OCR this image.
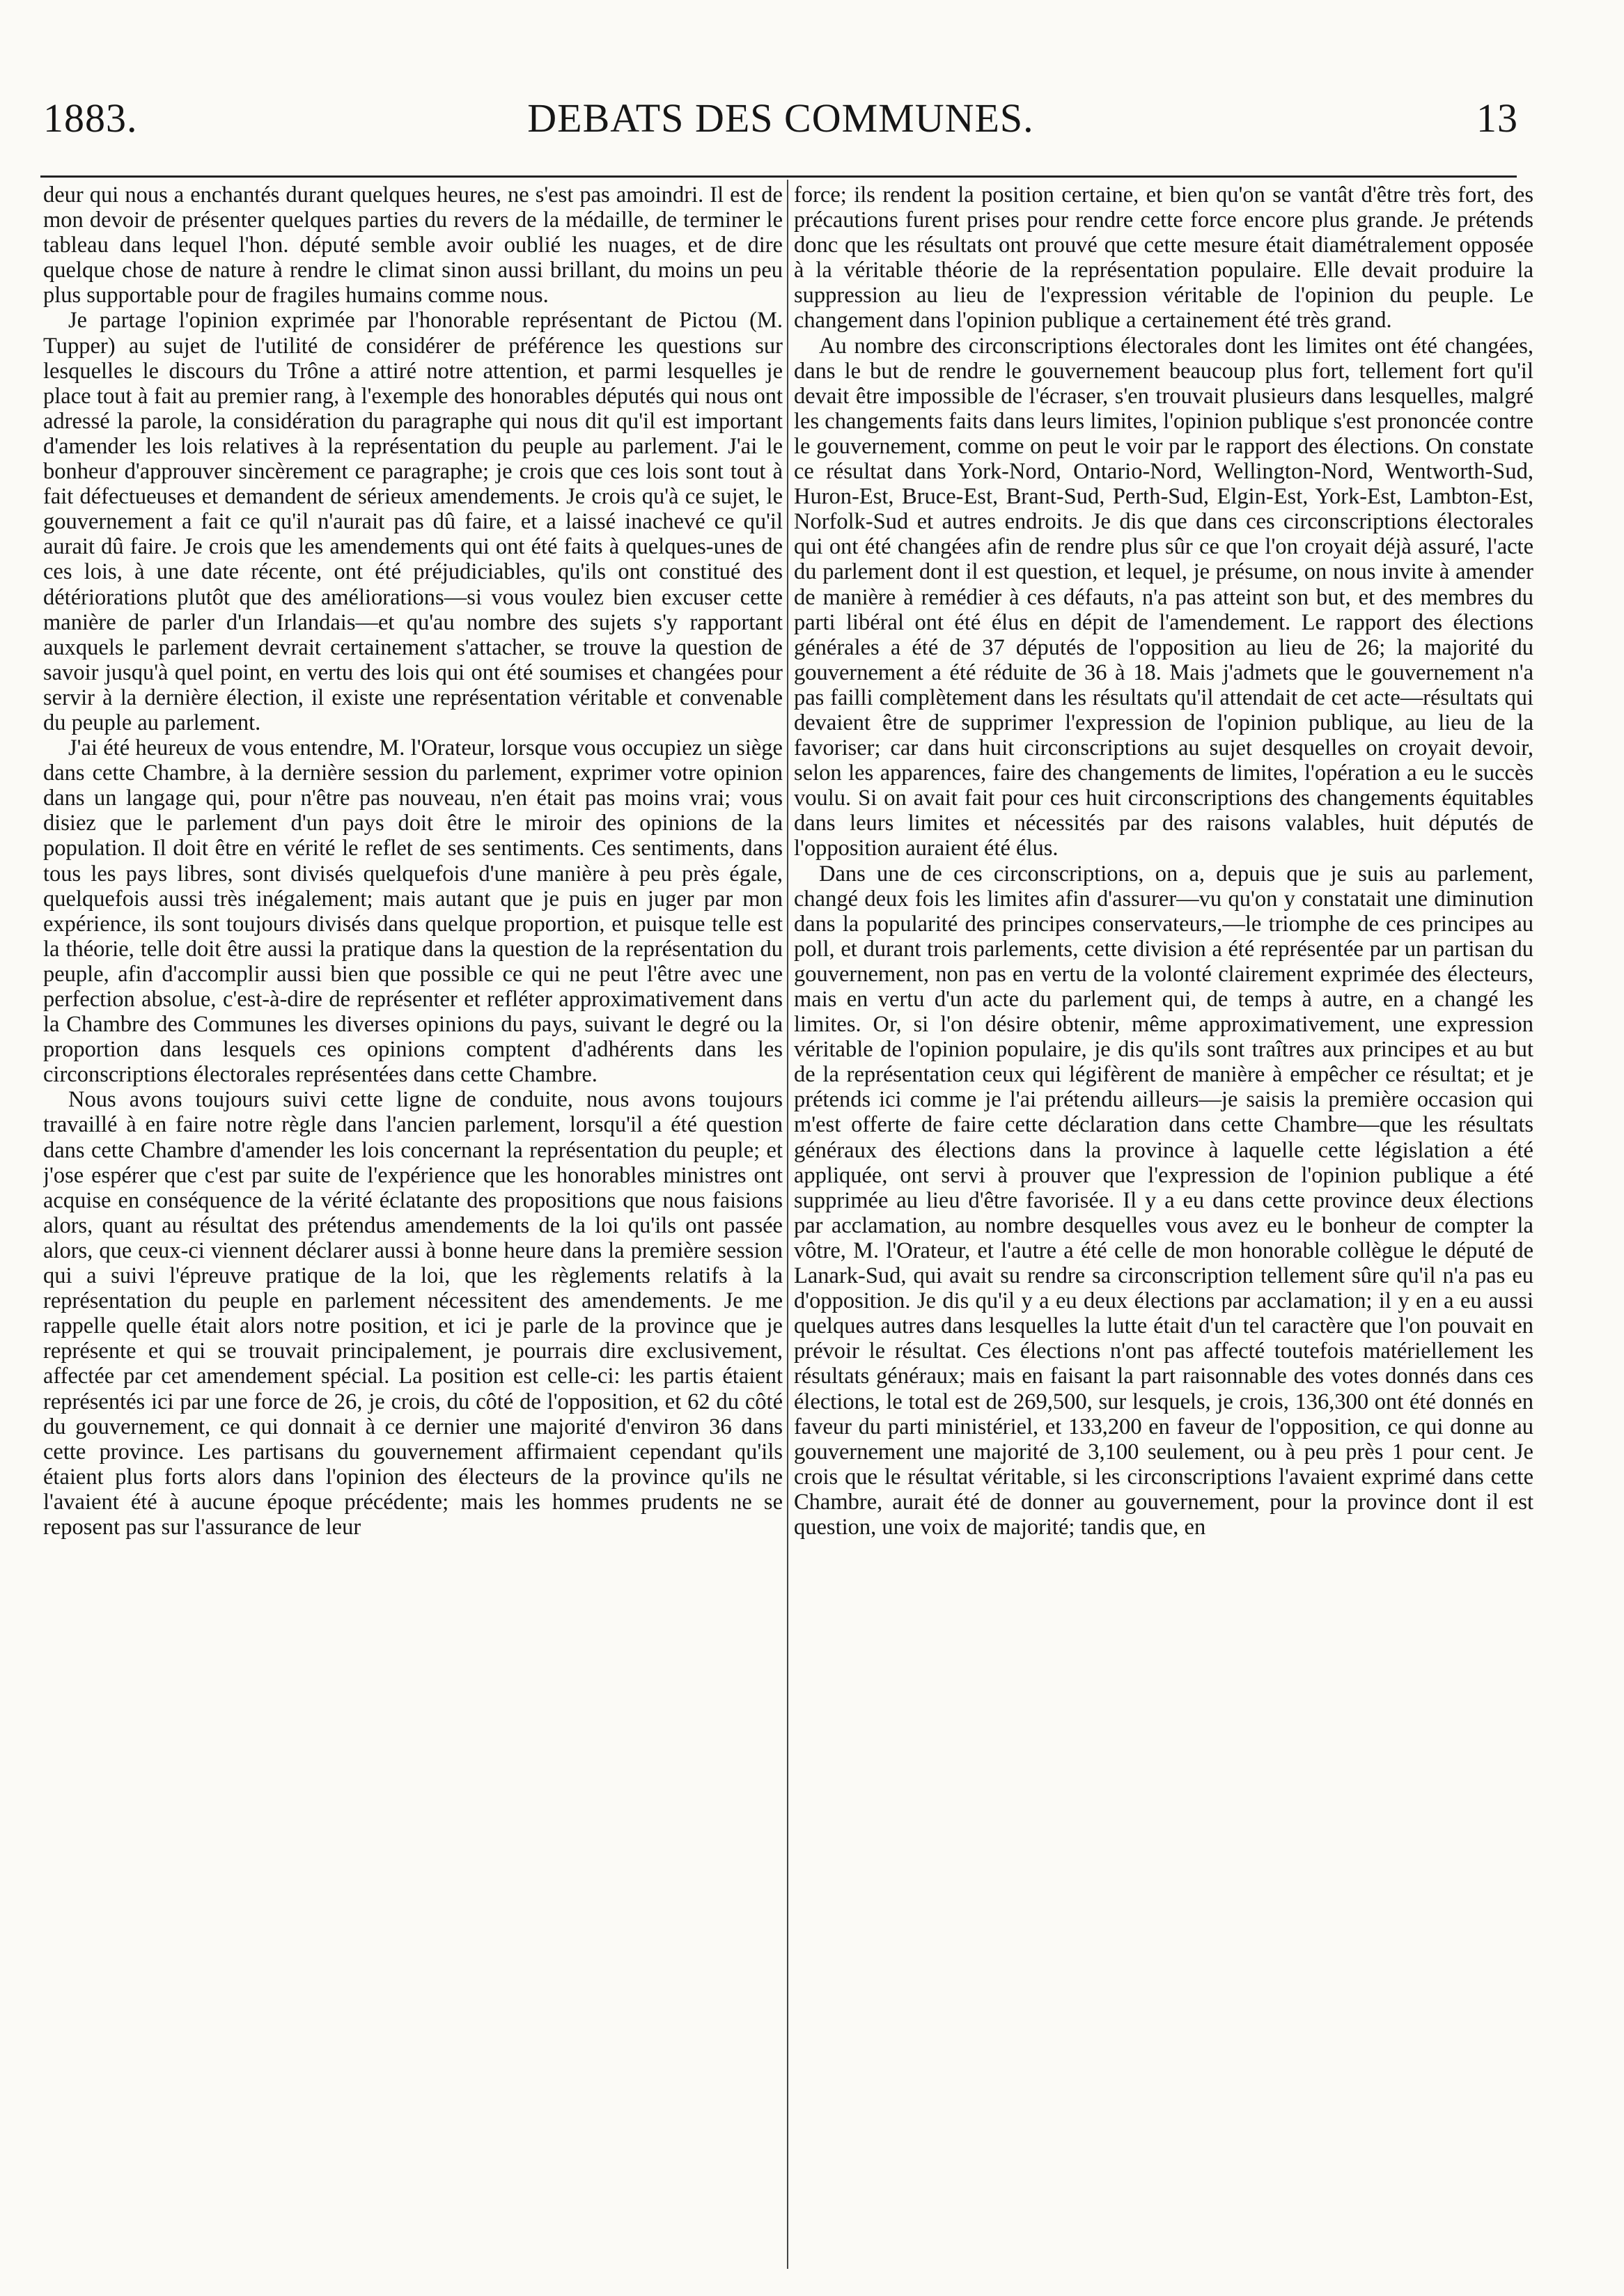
1883.	DEBATS DES COMMUNES.	13

deur qui nous a enchantés durant quelques heures, ne s'est pas amoindri. Il est de mon devoir de présenter quelques parties du revers de la médaille, de terminer le tableau dans lequel l'hon. député semble avoir oublié les nuages, et de dire quelque chose de nature à rendre le climat sinon aussi brillant, du moins un peu plus supportable pour de fragiles humains comme nous.

Je partage l'opinion exprimée par l'honorable représentant de Pictou (M. Tupper) au sujet de l'utilité de considérer de préférence les questions sur lesquelles le discours du Trône a attiré notre attention, et parmi lesquelles je place tout à fait au premier rang, à l'exemple des honorables députés qui nous ont adressé la parole, la considération du paragraphe qui nous dit qu'il est important d'amender les lois relatives à la représentation du peuple au parlement. J'ai le bonheur d'approuver sincèrement ce paragraphe; je crois que ces lois sont tout à fait défectueuses et demandent de sérieux amendements. Je crois qu'à ce sujet, le gouvernement a fait ce qu'il n'aurait pas dû faire, et a laissé inachevé ce qu'il aurait dû faire. Je crois que les amendements qui ont été faits à quelques-unes de ces lois, à une date récente, ont été préjudiciables, qu'ils ont constitué des détériorations plutôt que des améliorations—si vous voulez bien excuser cette manière de parler d'un Irlandais—et qu'au nombre des sujets s'y rapportant auxquels le parlement devrait certainement s'attacher, se trouve la question de savoir jusqu'à quel point, en vertu des lois qui ont été soumises et changées pour servir à la dernière élection, il existe une représentation véritable et convenable du peuple au parlement.

J'ai été heureux de vous entendre, M. l'Orateur, lorsque vous occupiez un siège dans cette Chambre, à la dernière session du parlement, exprimer votre opinion dans un langage qui, pour n'être pas nouveau, n'en était pas moins vrai; vous disiez que le parlement d'un pays doit être le miroir des opinions de la population. Il doit être en vérité le reflet de ses sentiments. Ces sentiments, dans tous les pays libres, sont divisés quelquefois d'une manière à peu près égale, quelquefois aussi très inégalement; mais autant que je puis en juger par mon expérience, ils sont toujours divisés dans quelque proportion, et puisque telle est la théorie, telle doit être aussi la pratique dans la question de la représentation du peuple, afin d'accomplir aussi bien que possible ce qui ne peut l'être avec une perfection absolue, c'est-à-dire de représenter et refléter approximativement dans la Chambre des Communes les diverses opinions du pays, suivant le degré ou la proportion dans lesquels ces opinions comptent d'adhérents dans les circonscriptions électorales représentées dans cette Chambre.

Nous avons toujours suivi cette ligne de conduite, nous avons toujours travaillé à en faire notre règle dans l'ancien parlement, lorsqu'il a été question dans cette Chambre d'amender les lois concernant la représentation du peuple; et j'ose espérer que c'est par suite de l'expérience que les honorables ministres ont acquise en conséquence de la vérité éclatante des propositions que nous faisions alors, quant au résultat des prétendus amendements de la loi qu'ils ont passée alors, que ceux-ci viennent déclarer aussi à bonne heure dans la première session qui a suivi l'épreuve pratique de la loi, que les règlements relatifs à la représentation du peuple en parlement nécessitent des amendements. Je me rappelle quelle était alors notre position, et ici je parle de la province que je représente et qui se trouvait principalement, je pourrais dire exclusivement, affectée par cet amendement spécial. La position est celle-ci: les partis étaient représentés ici par une force de 26, je crois, du côté de l'opposition, et 62 du côté du gouvernement, ce qui donnait à ce dernier une majorité d'environ 36 dans cette province. Les partisans du gouvernement affirmaient cependant qu'ils étaient plus forts alors dans l'opinion des électeurs de la province qu'ils ne l'avaient été à aucune époque précédente; mais les hommes prudents ne se reposent pas sur l'assurance de leur

force; ils rendent la position certaine, et bien qu'on se vantât d'être très fort, des précautions furent prises pour rendre cette force encore plus grande. Je prétends donc que les résultats ont prouvé que cette mesure était diamétralement opposée à la véritable théorie de la représentation populaire. Elle devait produire la suppression au lieu de l'expression véritable de l'opinion du peuple. Le changement dans l'opinion publique a certainement été très grand.

Au nombre des circonscriptions électorales dont les limites ont été changées, dans le but de rendre le gouvernement beaucoup plus fort, tellement fort qu'il devait être impossible de l'écraser, s'en trouvait plusieurs dans lesquelles, malgré les changements faits dans leurs limites, l'opinion publique s'est prononcée contre le gouvernement, comme on peut le voir par le rapport des élections. On constate ce résultat dans York-Nord, Ontario-Nord, Wellington-Nord, Wentworth-Sud, Huron-Est, Bruce-Est, Brant-Sud, Perth-Sud, Elgin-Est, York-Est, Lambton-Est, Norfolk-Sud et autres endroits. Je dis que dans ces circonscriptions électorales qui ont été changées afin de rendre plus sûr ce que l'on croyait déjà assuré, l'acte du parlement dont il est question, et lequel, je présume, on nous invite à amender de manière à remédier à ces défauts, n'a pas atteint son but, et des membres du parti libéral ont été élus en dépit de l'amendement. Le rapport des élections générales a été de 37 députés de l'opposition au lieu de 26; la majorité du gouvernement a été réduite de 36 à 18. Mais j'admets que le gouvernement n'a pas failli complètement dans les résultats qu'il attendait de cet acte—résultats qui devaient être de supprimer l'expression de l'opinion publique, au lieu de la favoriser; car dans huit circonscriptions au sujet desquelles on croyait devoir, selon les apparences, faire des changements de limites, l'opération a eu le succès voulu. Si on avait fait pour ces huit circonscriptions des changements équitables dans leurs limites et nécessités par des raisons valables, huit députés de l'opposition auraient été élus.

Dans une de ces circonscriptions, on a, depuis que je suis au parlement, changé deux fois les limites afin d'assurer—vu qu'on y constatait une diminution dans la popularité des principes conservateurs,—le triomphe de ces principes au poll, et durant trois parlements, cette division a été représentée par un partisan du gouvernement, non pas en vertu de la volonté clairement exprimée des électeurs, mais en vertu d'un acte du parlement qui, de temps à autre, en a changé les limites. Or, si l'on désire obtenir, même approximativement, une expression véritable de l'opinion populaire, je dis qu'ils sont traîtres aux principes et au but de la représentation ceux qui légifèrent de manière à empêcher ce résultat; et je prétends ici comme je l'ai prétendu ailleurs—je saisis la première occasion qui m'est offerte de faire cette déclaration dans cette Chambre—que les résultats généraux des élections dans la province à laquelle cette législation a été appliquée, ont servi à prouver que l'expression de l'opinion publique a été supprimée au lieu d'être favorisée. Il y a eu dans cette province deux élections par acclamation, au nombre desquelles vous avez eu le bonheur de compter la vôtre, M. l'Orateur, et l'autre a été celle de mon honorable collègue le député de Lanark-Sud, qui avait su rendre sa circonscription tellement sûre qu'il n'a pas eu d'opposition. Je dis qu'il y a eu deux élections par acclamation; il y en a eu aussi quelques autres dans lesquelles la lutte était d'un tel caractère que l'on pouvait en prévoir le résultat. Ces élections n'ont pas affecté toutefois matériellement les résultats généraux; mais en faisant la part raisonnable des votes donnés dans ces élections, le total est de 269,500, sur lesquels, je crois, 136,300 ont été donnés en faveur du parti ministériel, et 133,200 en faveur de l'opposition, ce qui donne au gouvernement une majorité de 3,100 seulement, ou à peu près 1 pour cent. Je crois que le résultat véritable, si les circonscriptions l'avaient exprimé dans cette Chambre, aurait été de donner au gouvernement, pour la province dont il est question, une voix de majorité; tandis que, en
